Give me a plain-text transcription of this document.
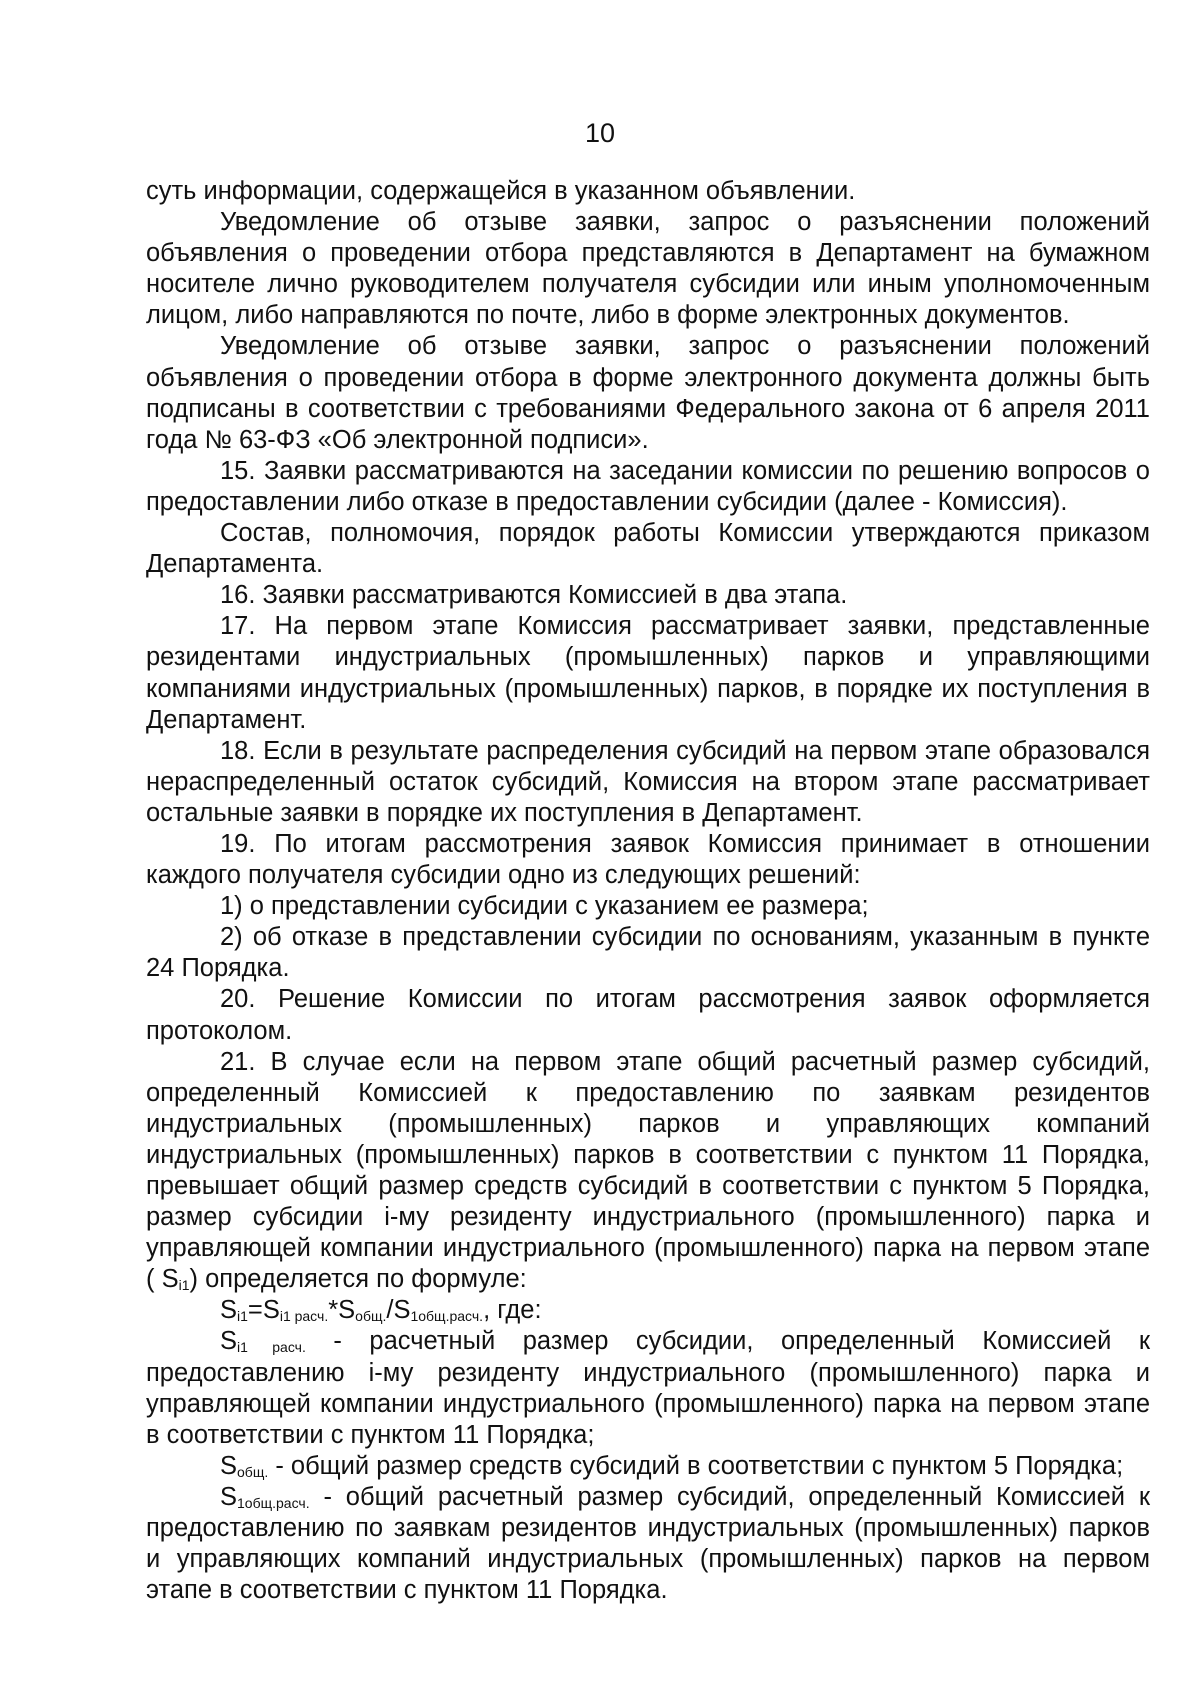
10

суть информации, содержащейся в указанном объявлении.

Уведомление об отзыве заявки, запрос о разъяснении положений объявления о проведении отбора представляются в Департамент на бумажном носителе лично руководителем получателя субсидии или иным уполномоченным лицом, либо направляются по почте, либо в форме электронных документов.

Уведомление об отзыве заявки, запрос о разъяснении положений объявления о проведении отбора в форме электронного документа должны быть подписаны в соответствии с требованиями Федерального закона от 6 апреля 2011 года № 63-ФЗ «Об электронной подписи».

15. Заявки рассматриваются на заседании комиссии по решению вопросов о предоставлении либо отказе в предоставлении субсидии (далее - Комиссия).

Состав, полномочия, порядок работы Комиссии утверждаются приказом Департамента.

16. Заявки рассматриваются Комиссией в два этапа.

17. На первом этапе Комиссия рассматривает заявки, представленные резидентами индустриальных (промышленных) парков и управляющими компаниями индустриальных (промышленных) парков, в порядке их поступления в Департамент.

18. Если в результате распределения субсидий на первом этапе образовался нераспределенный остаток субсидий, Комиссия на втором этапе рассматривает остальные заявки в порядке их поступления в Департамент.

19. По итогам рассмотрения заявок Комиссия принимает в отношении каждого получателя субсидии одно из следующих решений:

1) о представлении субсидии с указанием ее размера;

2) об отказе в представлении субсидии по основаниям, указанным в пункте 24 Порядка.

20. Решение Комиссии по итогам рассмотрения заявок оформляется протоколом.

21. В случае если на первом этапе общий расчетный размер субсидий, определенный Комиссией к предоставлению по заявкам резидентов индустриальных (промышленных) парков и управляющих компаний индустриальных (промышленных) парков в соответствии с пунктом 11 Порядка, превышает общий размер средств субсидий в соответствии с пунктом 5 Порядка, размер субсидии i-му резиденту индустриального (промышленного) парка и управляющей компании индустриального (промышленного) парка на первом этапе ( $S_{i1}$) определяется по формуле:

$S_{i1}=S_{i1 расч.}*S_{общ.}/S_{1общ.расч.}$, где:

$S_{i1 расч.}$ - расчетный размер субсидии, определенный Комиссией к предоставлению i-му резиденту индустриального (промышленного) парка и управляющей компании индустриального (промышленного) парка на первом этапе в соответствии с пунктом 11 Порядка;

$S_{общ.}$ - общий размер средств субсидий в соответствии с пунктом 5 Порядка;

$S_{1общ.расч.}$ - общий расчетный размер субсидий, определенный Комиссией к предоставлению по заявкам резидентов индустриальных (промышленных) парков и управляющих компаний индустриальных (промышленных) парков на первом этапе в соответствии с пунктом 11 Порядка.
